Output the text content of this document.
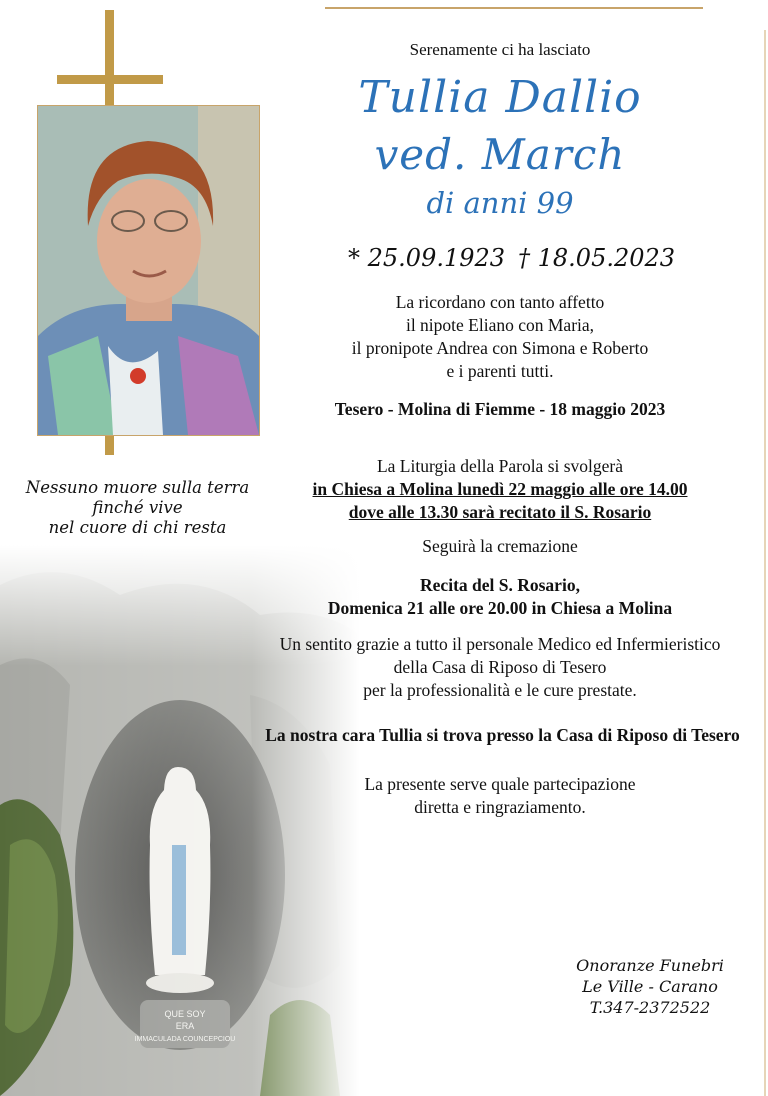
Nessuno muore sulla terra
finché vive
nel cuore di chi resta
Serenamente ci ha lasciato
Tullia Dallio
ved. March
di anni 99
* 25.09.1923 † 18.05.2023
La ricordano con tanto affetto
il nipote Eliano con Maria,
il pronipote Andrea con Simona e Roberto
e i parenti tutti.
Tesero - Molina di Fiemme - 18 maggio 2023
La Liturgia della Parola si svolgerà
in Chiesa a Molina lunedì 22 maggio alle ore 14.00
dove alle 13.30 sarà recitato il S. Rosario
Seguirà la cremazione
Recita del S. Rosario,
Domenica 21 alle ore 20.00 in Chiesa a Molina
Un sentito grazie a tutto il personale Medico ed Infermieristico
della Casa di Riposo di Tesero
per la professionalità e le cure prestate.
La nostra cara Tullia si trova presso la Casa di Riposo di Tesero
La presente serve quale partecipazione
diretta e ringraziamento.
Onoranze Funebri
Le Ville - Carano
T.347-2372522
